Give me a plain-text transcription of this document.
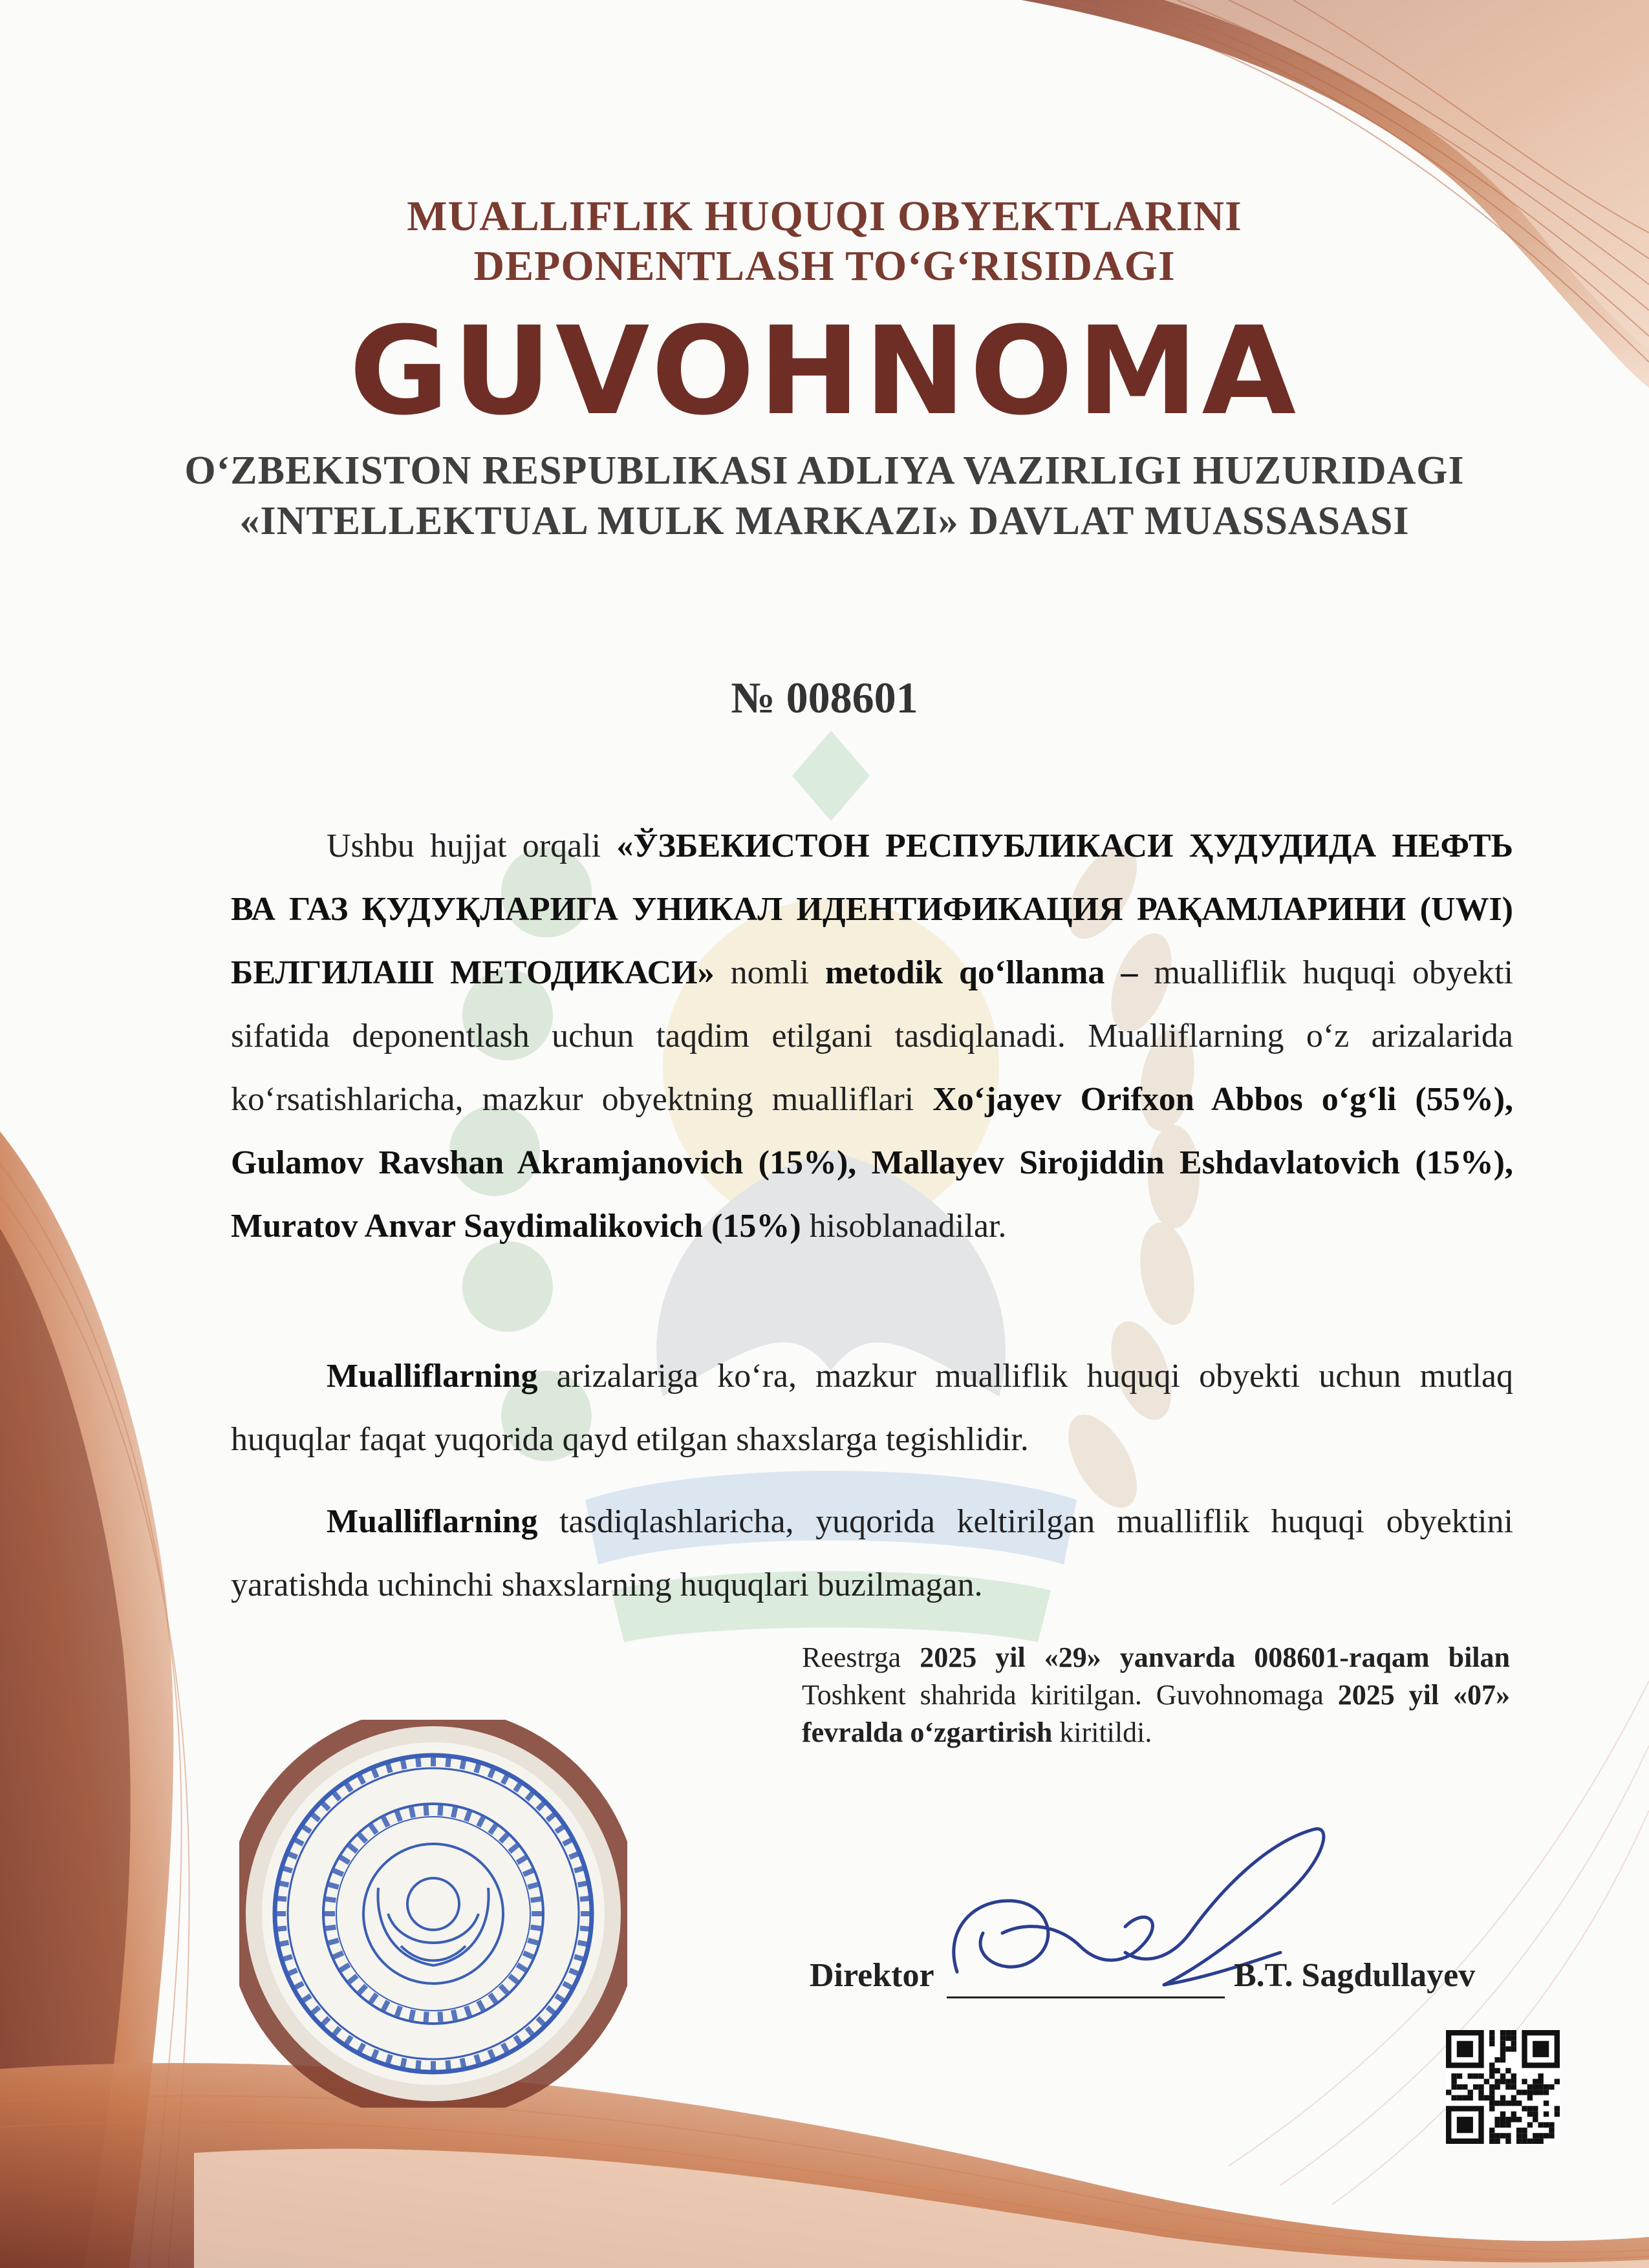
MUALLIFLIK HUQUQI OBYEKTLARINI
DEPONENTLASH TO‘G‘RISIDAGI
GUVOHNOMA
O‘ZBEKISTON RESPUBLIKASI ADLIYA VAZIRLIGI HUZURIDAGI
«INTELLEKTUAL MULK MARKAZI» DAVLAT MUASSASASI
№ 008601
Ushbu hujjat orqali «ЎЗБЕКИСТОН РЕСПУБЛИКАСИ ҲУДУДИДА НЕФТЬ ВА ГАЗ ҚУДУҚЛАРИГА УНИКАЛ ИДЕНТИФИКАЦИЯ РАҚАМЛАРИНИ (UWI) БЕЛГИЛАШ МЕТОДИКАСИ» nomli metodik qo‘llanma – mualliflik huquqi obyekti sifatida deponentlash uchun taqdim etilgani tasdiqlanadi. Mualliflarning o‘z arizalarida ko‘rsatishlaricha, mazkur obyektning mualliflari Xo‘jayev Orifxon Abbos o‘g‘li (55%), Gulamov Ravshan Akramjanovich (15%), Mallayev Sirojiddin Eshdavlatovich (15%), Muratov Anvar Saydimalikovich (15%) hisoblanadilar.
Mualliflarning arizalariga ko‘ra, mazkur mualliflik huquqi obyekti uchun mutlaq huquqlar faqat yuqorida qayd etilgan shaxslarga tegishlidir.
Mualliflarning tasdiqlashlaricha, yuqorida keltirilgan mualliflik huquqi obyektini yaratishda uchinchi shaxslarning huquqlari buzilmagan.
Reestrga 2025 yil «29» yanvarda 008601-raqam bilan Toshkent shahrida kiritilgan. Guvohnomaga 2025 yil «07» fevralda o‘zgartirish kiritildi.
Direktor	B.T. Sagdullayev
